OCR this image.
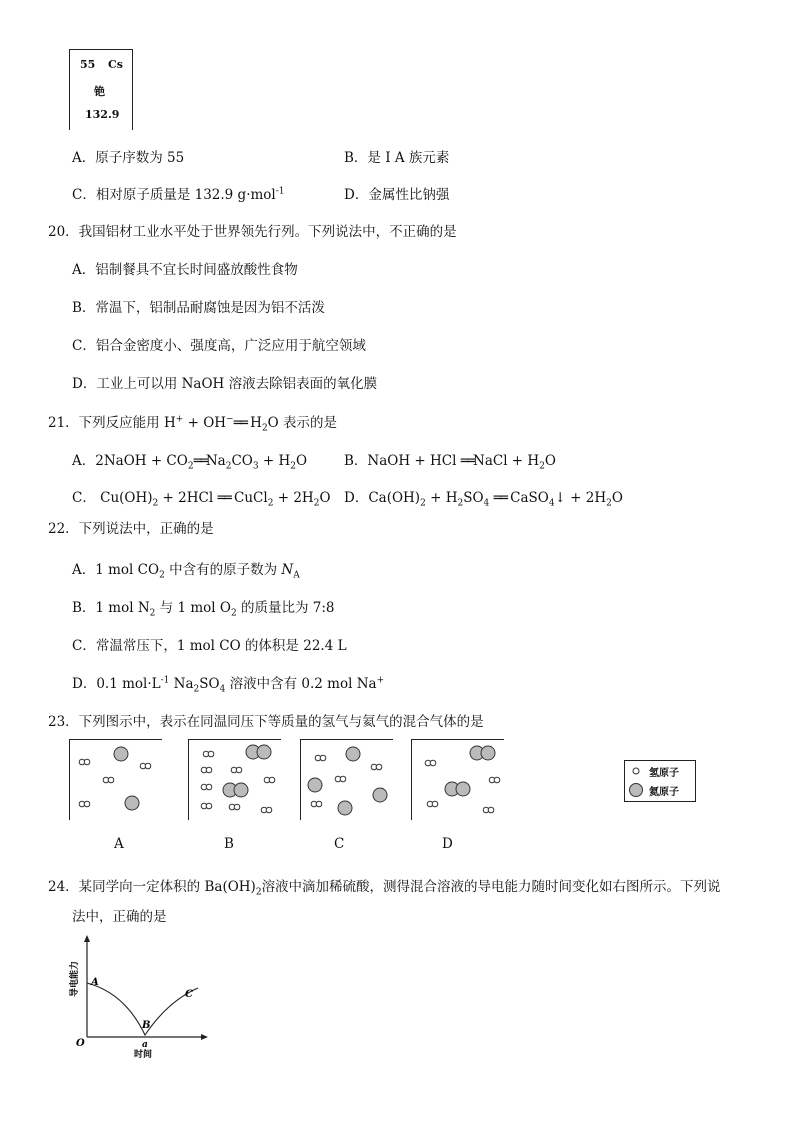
55 Cs
铯
132.9
A．原子序数为 55	B．是 I A 族元素
C．相对原子质量是 132.9 g·mol$^{-1}$	D．金属性比钠强
20．我国铝材工业水平处于世界领先行列。下列说法中，不正确的是
A．铝制餐具不宜长时间盛放酸性食物
B．常温下，铝制品耐腐蚀是因为铝不活泼
C．铝合金密度小、强度高，广泛应用于航空领域
D．工业上可以用 NaOH 溶液去除铝表面的氧化膜
21．下列反应能用 H+ + OH−══ $H_2O$ 表示的是
A．2NaOH + $CO_2══Na_2CO_3 + H_2O$	B．NaOH + HCl ══NaCl + $H_2O$
C． $Cu(OH)_2 + 2HCl$ ══ CuCl$_2$ + $2H_2O$ D．$Ca(OH)_2 + H_2SO_4$ ══ CaSO$_4$↓ + $2H_2O$
22．下列说法中，正确的是
A．1 mol $CO_2$ 中含有的原子数为 $N_A$
B．1 mol $N_2$ 与 1 mol $O_2$ 的质量比为 7:8
C．常温常压下，1 mol CO 的体积是 22.4 L
D．0.1 $mol\cdot L^{-1}$ $Na_2SO_4$ 溶液中含有 0.2 mol Na+
23．下列图示中，表示在同温同压下等质量的氢气与氦气的混合气体的是
A	B	C	D
氢原子
氦原子
24．某同学向一定体积的 $Ba(OH)_2$溶液中滴加稀硫酸，测得混合溶液的导电能力随时间变化如右图所示。下列说
法中，正确的是
A
B
C
O	a
时间
导电能力
